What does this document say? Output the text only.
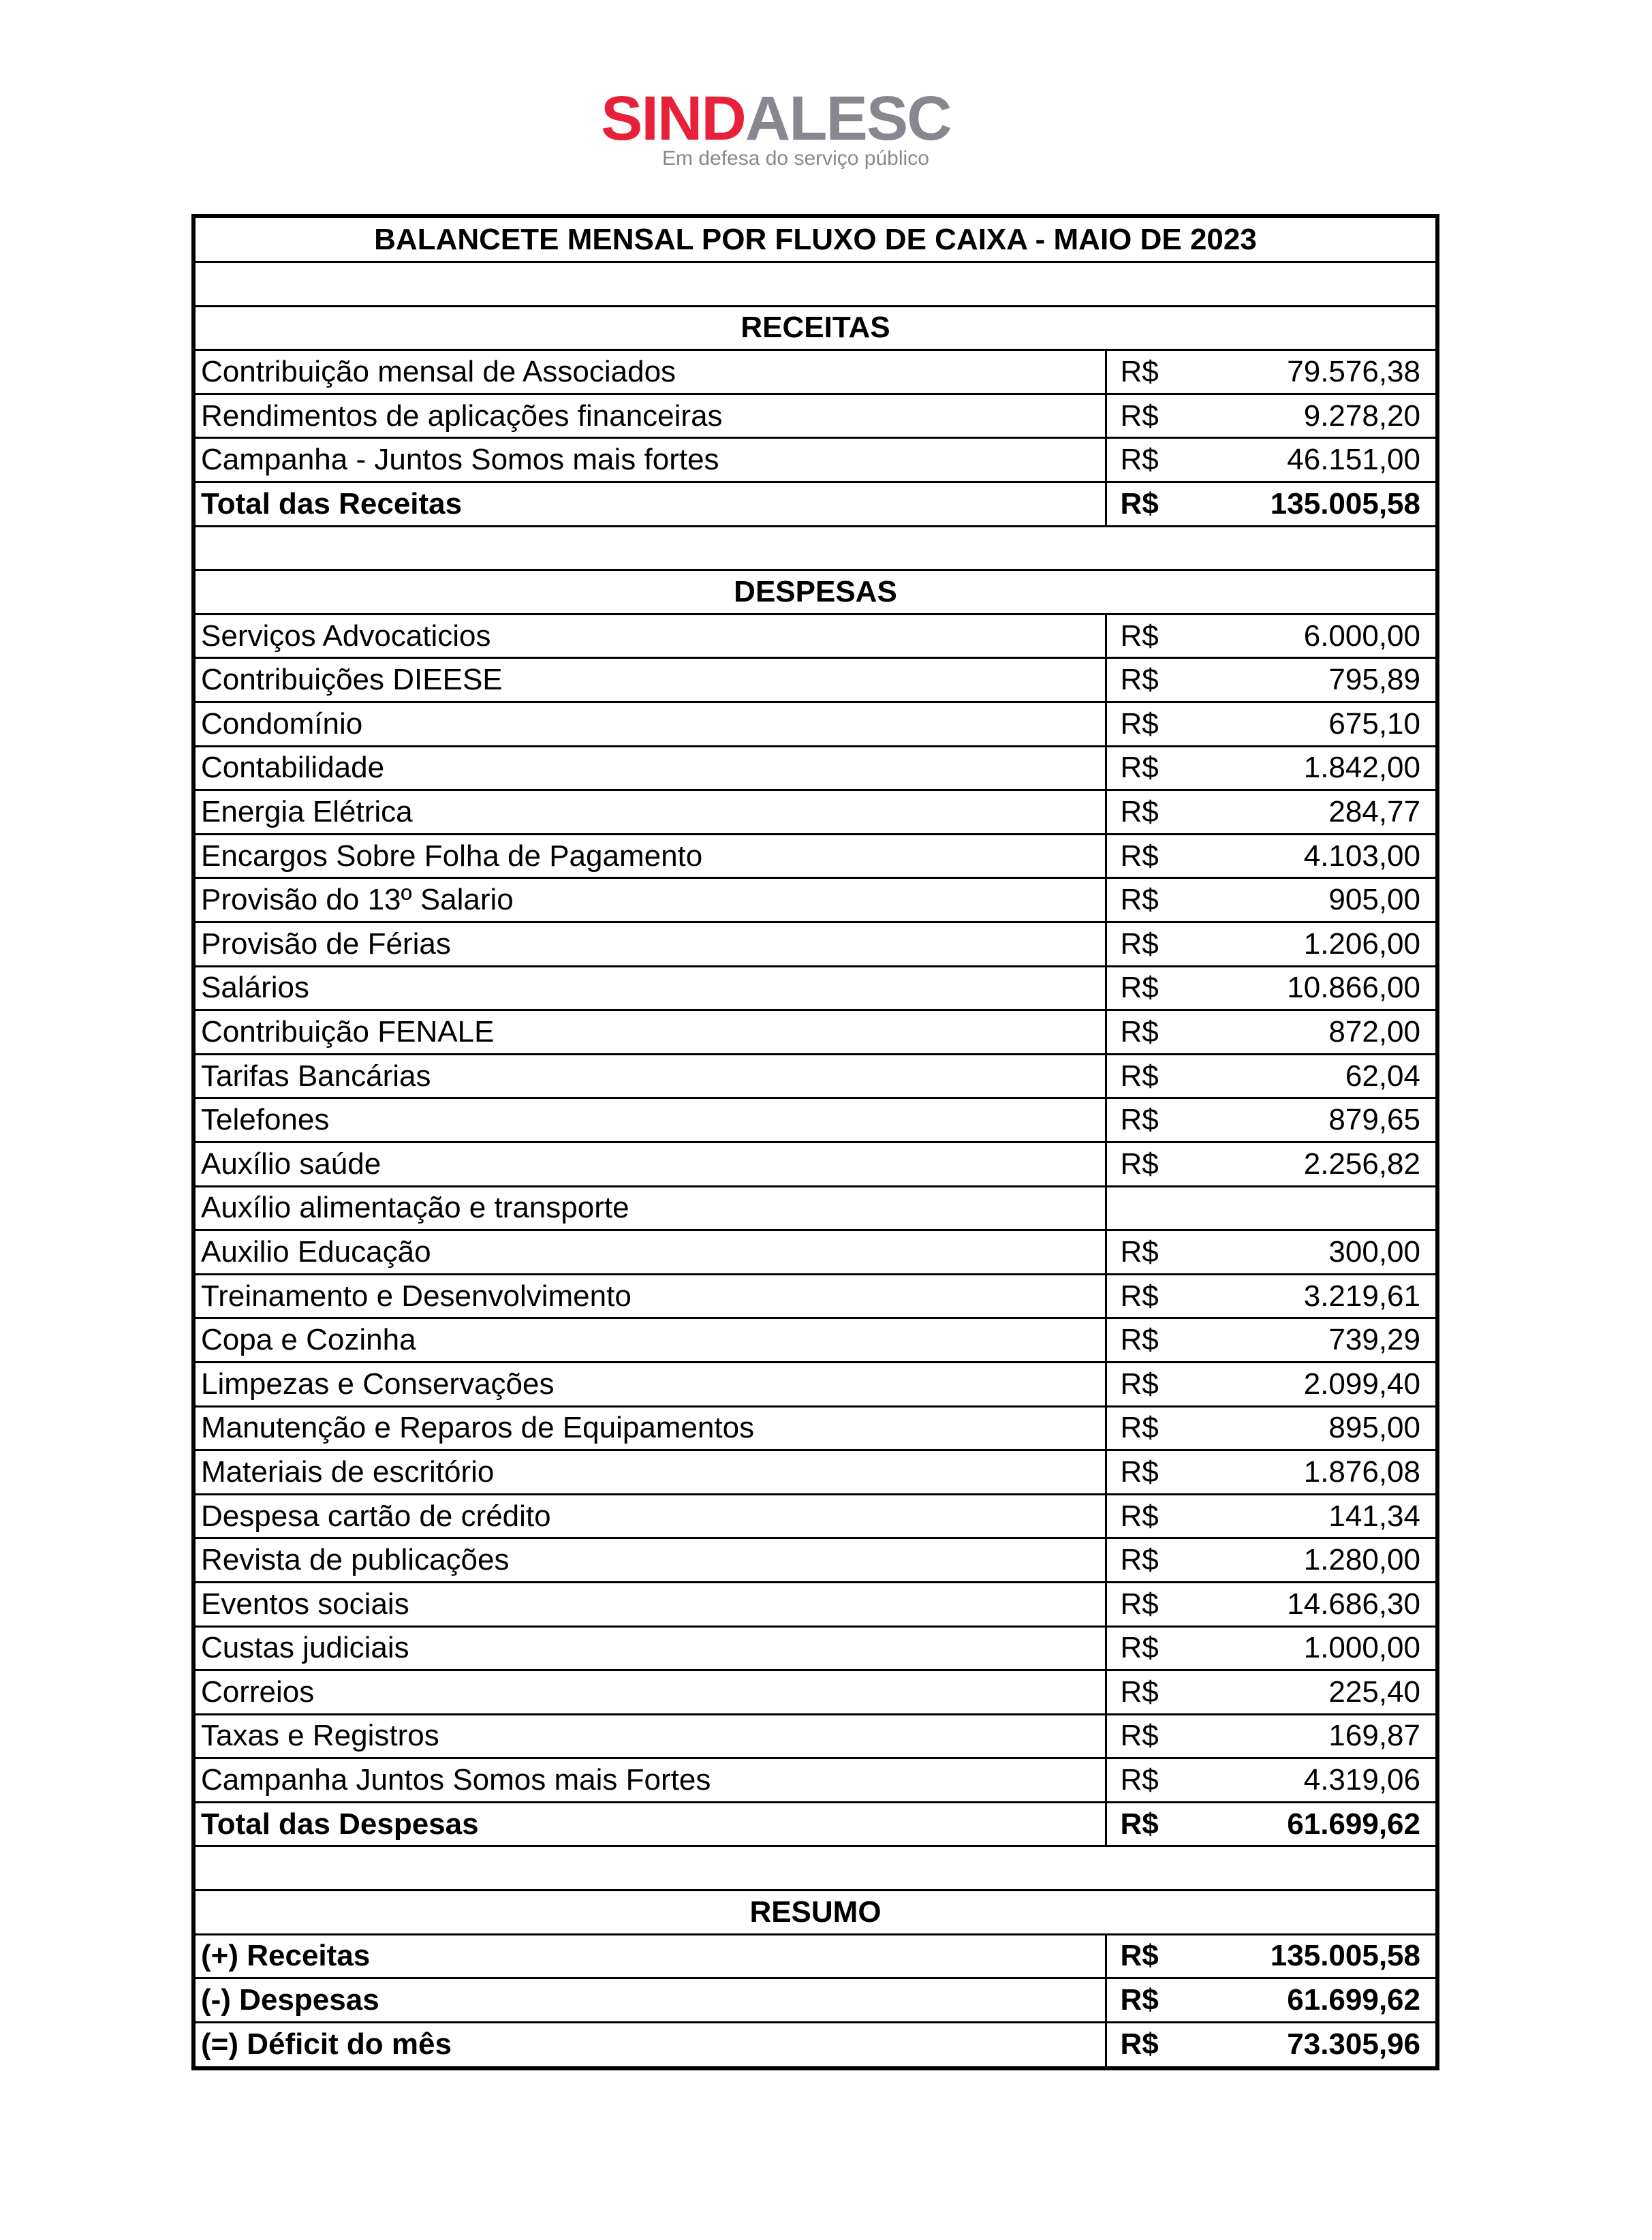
SINDALESC
Em defesa do serviço público
BALANCETE MENSAL POR FLUXO DE CAIXA - MAIO DE 2023		

RECEITAS		
Contribuição mensal de Associados	R$	79.576,38
Rendimentos de aplicações financeiras	R$	9.278,20
Campanha - Juntos Somos mais fortes	R$	46.151,00
Total das Receitas	R$	135.005,58

DESPESAS		
Serviços Advocaticios	R$	6.000,00
Contribuições DIEESE	R$	795,89
Condomínio	R$	675,10
Contabilidade	R$	1.842,00
Energia Elétrica	R$	284,77
Encargos Sobre Folha de Pagamento	R$	4.103,00
Provisão do 13º Salario	R$	905,00
Provisão de Férias	R$	1.206,00
Salários	R$	10.866,00
Contribuição FENALE	R$	872,00
Tarifas Bancárias	R$	62,04
Telefones	R$	879,65
Auxílio saúde	R$	2.256,82
Auxílio alimentação e transporte		
Auxilio Educação	R$	300,00
Treinamento e Desenvolvimento	R$	3.219,61
Copa e Cozinha	R$	739,29
Limpezas e Conservações	R$	2.099,40
Manutenção e Reparos de Equipamentos	R$	895,00
Materiais de escritório	R$	1.876,08
Despesa cartão de crédito	R$	141,34
Revista de publicações	R$	1.280,00
Eventos sociais	R$	14.686,30
Custas judiciais	R$	1.000,00
Correios	R$	225,40
Taxas e Registros	R$	169,87
Campanha Juntos Somos mais Fortes	R$	4.319,06
Total das Despesas	R$	61.699,62

RESUMO		
(+) Receitas	R$	135.005,58
(-) Despesas	R$	61.699,62
(=) Déficit do mês	R$	73.305,96
